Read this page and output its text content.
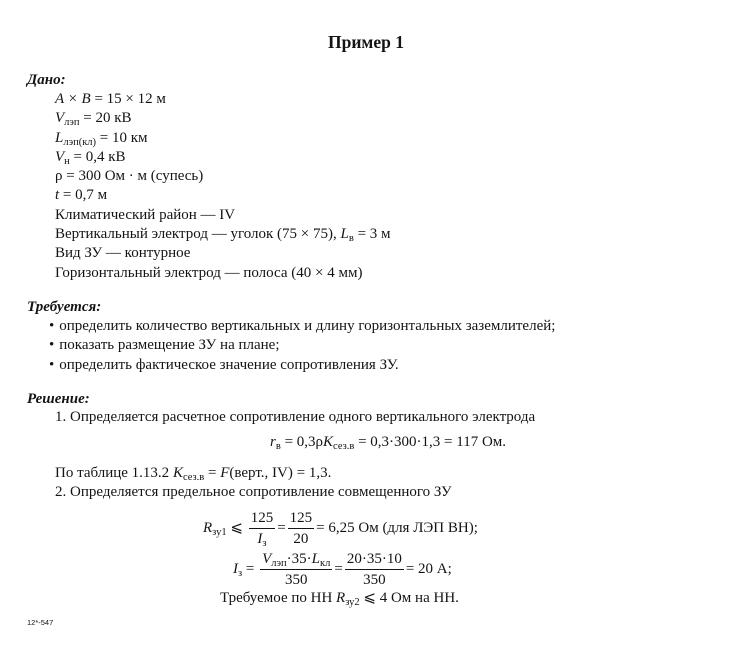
Пример 1
Дано:
A × B = 15 × 12 м
$V_{лэп} = 20$ кВ
$L_{лэп(кл)} = 10$ км
$V_н = 0,4$ кВ
ρ = 300 Ом · м (супесь)
t = 0,7 м
Климатический район — IV
Вертикальный электрод — уголок (75 × 75), $L_в = 3$ м
Вид ЗУ — контурное
Горизонтальный электрод — полоса (40 × 4 мм)
Требуется:
• определить количество вертикальных и длину горизонтальных заземлителей;
• показать размещение ЗУ на плане;
• определить фактическое значение сопротивления ЗУ.
Решение:
1. Определяется расчетное сопротивление одного вертикального электрода
$r_в = 0,3\rho K_{сез.в} = 0,3\cdot 300\cdot 1,3 = 117$ Ом.
По таблице 1.13.2 $K_{сез.в}$ = F(верт., IV) = 1,3.
2. Определяется предельное сопротивление совмещенного ЗУ
$R_{зу1}$ ⩽ $\frac{125}{I_з} = \frac{125}{20} = 6,25$ Ом (для ЛЭП ВН);
$I_з = \frac{V_{лэп}\cdot 35\cdot L_{кл}}{350} = \frac{20\cdot 35\cdot 10}{350} = 20$ А;
Требуемое по НН $R_{зу2}$ ⩽ 4 Ом на НН.
12*-547
